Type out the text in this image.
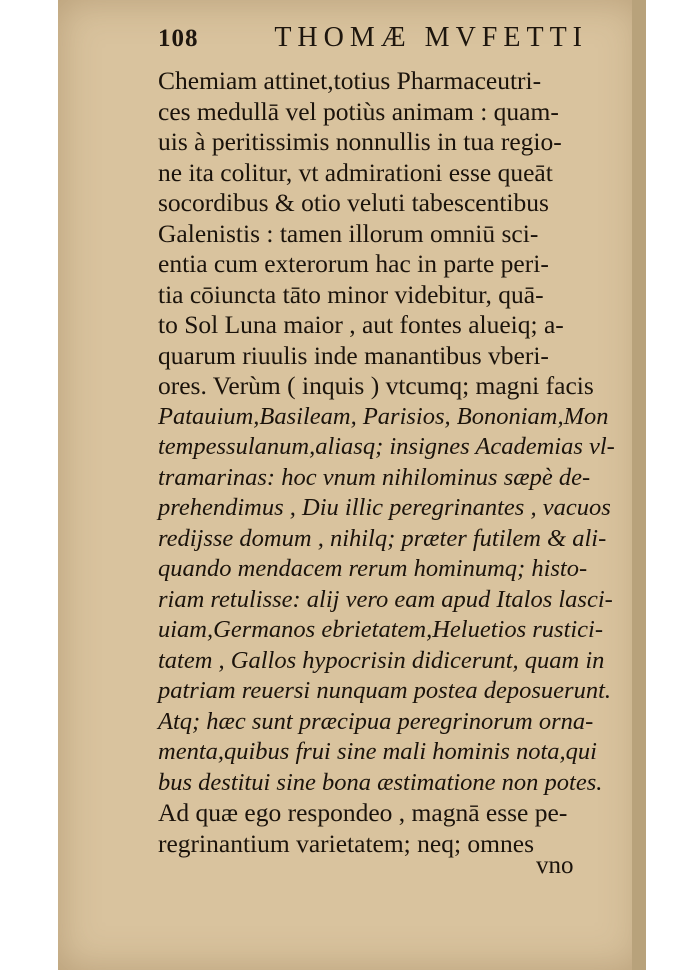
108	THOMÆ MVFETTI
Chemiam attinet,totius Pharmaceutri-
ces medullā vel potiùs animam : quam-
uis à peritissimis nonnullis in tua regio-
ne ita colitur, vt admirationi esse queāt
socordibus & otio veluti tabescentibus
Galenistis : tamen illorum omniū sci-
entia cum exterorum hac in parte peri-
tia cōiuncta tāto minor videbitur, quā-
to Sol Luna maior , aut fontes alueiq; a-
quarum riuulis inde manantibus vberi-
ores. Verùm ( inquis ) vtcumq; magni facis
Patauium,Basileam, Parisios, Bononiam,Mon
tempessulanum,aliasq; insignes Academias vl-
tramarinas: hoc vnum nihilominus sæpè de-
prehendimus , Diu illic peregrinantes , vacuos
redijsse domum , nihilq; præter futilem & ali-
quando mendacem rerum hominumq; histo-
riam retulisse: alij vero eam apud Italos lasci-
uiam,Germanos ebrietatem,Heluetios rustici-
tatem , Gallos hypocrisin didicerunt, quam in
patriam reuersi nunquam postea deposuerunt.
Atq; hæc sunt præcipua peregrinorum orna-
menta,quibus frui sine mali hominis nota,qui
bus destitui sine bona æstimatione non potes.
Ad quæ ego respondeo , magnā esse pe-
regrinantium varietatem; neq; omnes
vno
